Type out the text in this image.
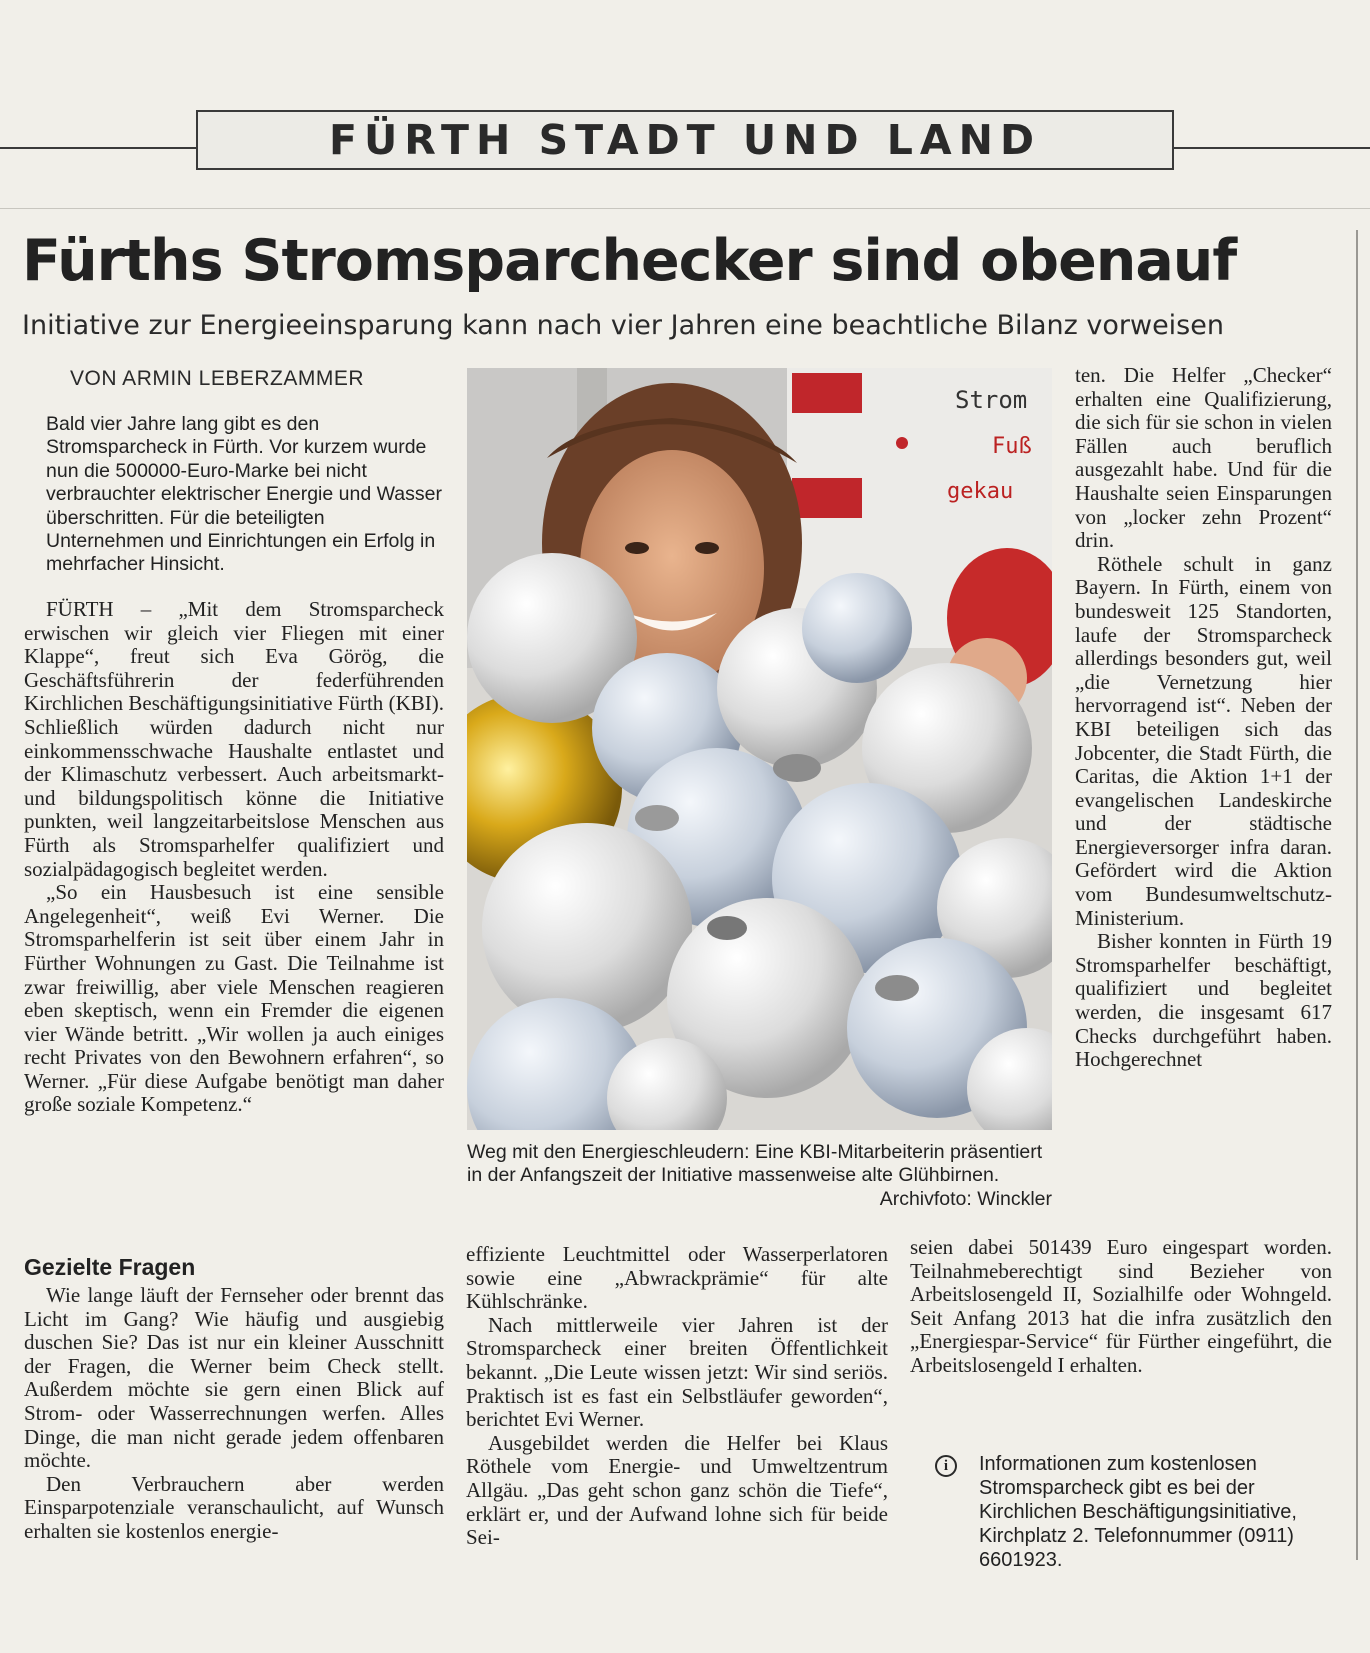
FÜRTH STADT UND LAND
Fürths Stromsparchecker sind obenauf
Initiative zur Energieeinsparung kann nach vier Jahren eine beachtliche Bilanz vorweisen
VON ARMIN LEBERZAMMER
Bald vier Jahre lang gibt es den Stromsparcheck in Fürth. Vor kurzem wurde nun die 500000-Euro-Marke bei nicht verbrauchter elektrischer Energie und Wasser überschritten. Für die beteiligten Unternehmen und Einrichtungen ein Erfolg in mehrfacher Hinsicht.

FÜRTH – „Mit dem Stromsparcheck erwischen wir gleich vier Fliegen mit einer Klappe“, freut sich Eva Görög, die Geschäftsführerin der federführenden Kirchlichen Beschäftigungsinitiative Fürth (KBI). Schließlich würden dadurch nicht nur einkommensschwache Haushalte entlastet und der Klimaschutz verbessert. Auch arbeitsmarkt- und bildungspolitisch könne die Initiative punkten, weil langzeitarbeitslose Menschen aus Fürth als Stromsparhelfer qualifiziert und sozialpädagogisch begleitet werden.

„So ein Hausbesuch ist eine sensible Angelegenheit“, weiß Evi Werner. Die Stromsparhelferin ist seit über einem Jahr in Fürther Wohnungen zu Gast. Die Teilnahme ist zwar freiwillig, aber viele Menschen reagieren eben skeptisch, wenn ein Fremder die eigenen vier Wände betritt. „Wir wollen ja auch einiges recht Privates von den Bewohnern erfahren“, so Werner. „Für diese Aufgabe benötigt man daher große soziale Kompetenz.“

Gezielte Fragen

Wie lange läuft der Fernseher oder brennt das Licht im Gang? Wie häufig und ausgiebig duschen Sie? Das ist nur ein kleiner Ausschnitt der Fragen, die Werner beim Check stellt. Außerdem möchte sie gern einen Blick auf Strom- oder Wasserrechnungen werfen. Alles Dinge, die man nicht gerade jedem offenbaren möchte.

Den Verbrauchern aber werden Einsparpotenziale veranschaulicht, auf Wunsch erhalten sie kostenlos energie-

Strom
Fuß
gekau
Weg mit den Energieschleudern: Eine KBI-Mitarbeiterin präsentiert in der Anfangszeit der Initiative massenweise alte Glühbirnen.
Archivfoto: Winckler

effiziente Leuchtmittel oder Wasserperlatoren sowie eine „Abwrackprämie“ für alte Kühlschränke.

Nach mittlerweile vier Jahren ist der Stromsparcheck einer breiten Öffentlichkeit bekannt. „Die Leute wissen jetzt: Wir sind seriös. Praktisch ist es fast ein Selbstläufer geworden“, berichtet Evi Werner.

Ausgebildet werden die Helfer bei Klaus Röthele vom Energie- und Umweltzentrum Allgäu. „Das geht schon ganz schön die Tiefe“, erklärt er, und der Aufwand lohne sich für beide Sei-

ten. Die Helfer „Checker“ erhalten eine Qualifizierung, die sich für sie schon in vielen Fällen auch beruflich ausgezahlt habe. Und für die Haushalte seien Einsparungen von „locker zehn Prozent“ drin.

Röthele schult in ganz Bayern. In Fürth, einem von bundesweit 125 Standorten, laufe der Stromsparcheck allerdings besonders gut, weil „die Vernetzung hier hervorragend ist“. Neben der KBI beteiligen sich das Jobcenter, die Stadt Fürth, die Caritas, die Aktion 1+1 der evangelischen Landeskirche und der städtische Energieversorger infra daran. Gefördert wird die Aktion vom Bundesumweltschutz-Ministerium.

Bisher konnten in Fürth 19 Stromsparhelfer beschäftigt, qualifiziert und begleitet werden, die insgesamt 617 Checks durchgeführt haben. Hochgerechnet

seien dabei 501439 Euro eingespart worden. Teilnahmeberechtigt sind Bezieher von Arbeitslosengeld II, Sozialhilfe oder Wohngeld. Seit Anfang 2013 hat die infra zusätzlich den „Energiespar-Service“ für Fürther eingeführt, die Arbeitslosengeld I erhalten.

i	Informationen zum kostenlosen Stromsparcheck gibt es bei der Kirchlichen Beschäftigungsinitiative, Kirchplatz 2. Telefonnummer (0911) 6601923.
